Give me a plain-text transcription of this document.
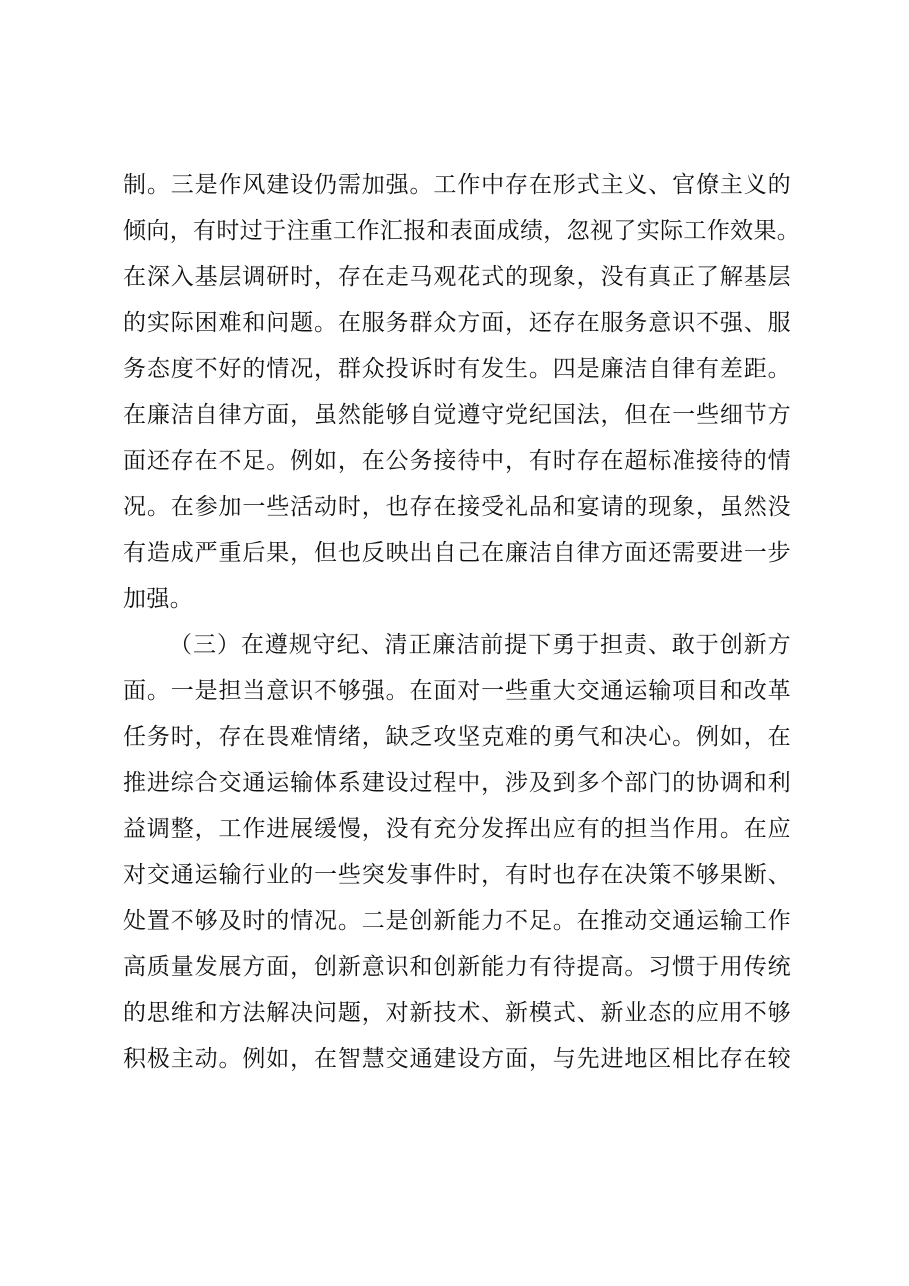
制。三是作风建设仍需加强。工作中存在形式主义、官僚主义的
倾向，有时过于注重工作汇报和表面成绩，忽视了实际工作效果。
在深入基层调研时，存在走马观花式的现象，没有真正了解基层
的实际困难和问题。在服务群众方面，还存在服务意识不强、服
务态度不好的情况，群众投诉时有发生。四是廉洁自律有差距。
在廉洁自律方面，虽然能够自觉遵守党纪国法，但在一些细节方
面还存在不足。例如，在公务接待中，有时存在超标准接待的情
况。在参加一些活动时，也存在接受礼品和宴请的现象，虽然没
有造成严重后果，但也反映出自己在廉洁自律方面还需要进一步
加强。
（三）在遵规守纪、清正廉洁前提下勇于担责、敢于创新方
面。一是担当意识不够强。在面对一些重大交通运输项目和改革
任务时，存在畏难情绪，缺乏攻坚克难的勇气和决心。例如，在
推进综合交通运输体系建设过程中，涉及到多个部门的协调和利
益调整，工作进展缓慢，没有充分发挥出应有的担当作用。在应
对交通运输行业的一些突发事件时，有时也存在决策不够果断、
处置不够及时的情况。二是创新能力不足。在推动交通运输工作
高质量发展方面，创新意识和创新能力有待提高。习惯于用传统
的思维和方法解决问题，对新技术、新模式、新业态的应用不够
积极主动。例如，在智慧交通建设方面，与先进地区相比存在较
